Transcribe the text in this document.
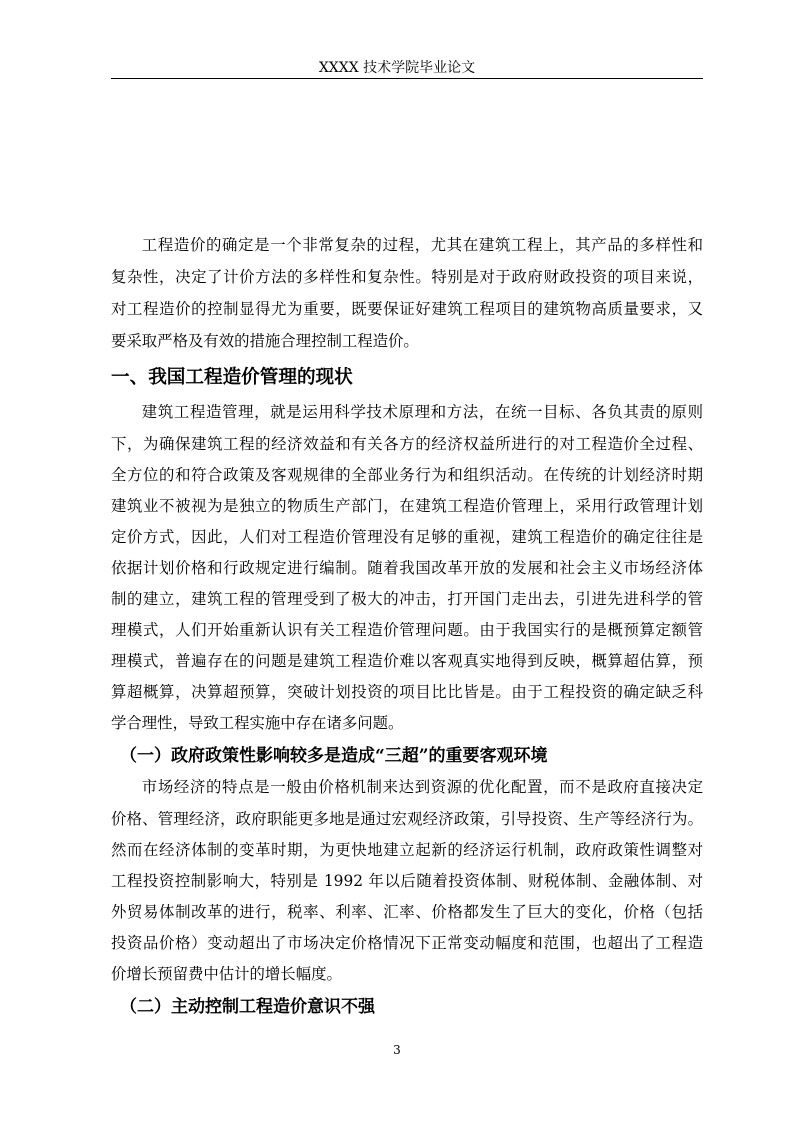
XXXX 技术学院毕业论文
工程造价的确定是一个非常复杂的过程，尤其在建筑工程上，其产品的多样性和
复杂性，决定了计价方法的多样性和复杂性。特别是对于政府财政投资的项目来说，
对工程造价的控制显得尤为重要，既要保证好建筑工程项目的建筑物高质量要求，又
要采取严格及有效的措施合理控制工程造价。
一、我国工程造价管理的现状
建筑工程造管理，就是运用科学技术原理和方法，在统一目标、各负其责的原则
下，为确保建筑工程的经济效益和有关各方的经济权益所进行的对工程造价全过程、
全方位的和符合政策及客观规律的全部业务行为和组织活动。在传统的计划经济时期
建筑业不被视为是独立的物质生产部门，在建筑工程造价管理上，采用行政管理计划
定价方式，因此，人们对工程造价管理没有足够的重视，建筑工程造价的确定往往是
依据计划价格和行政规定进行编制。随着我国改革开放的发展和社会主义市场经济体
制的建立，建筑工程的管理受到了极大的冲击，打开国门走出去，引进先进科学的管
理模式，人们开始重新认识有关工程造价管理问题。由于我国实行的是概预算定额管
理模式，普遍存在的问题是建筑工程造价难以客观真实地得到反映，概算超估算，预
算超概算，决算超预算，突破计划投资的项目比比皆是。由于工程投资的确定缺乏科
学合理性，导致工程实施中存在诸多问题。
（一）政府政策性影响较多是造成“三超”的重要客观环境
市场经济的特点是一般由价格机制来达到资源的优化配置，而不是政府直接决定
价格、管理经济，政府职能更多地是通过宏观经济政策，引导投资、生产等经济行为。
然而在经济体制的变革时期，为更快地建立起新的经济运行机制，政府政策性调整对
工程投资控制影响大，特别是 1992 年以后随着投资体制、财税体制、金融体制、对
外贸易体制改革的进行，税率、利率、汇率、价格都发生了巨大的变化，价格（包括
投资品价格）变动超出了市场决定价格情况下正常变动幅度和范围，也超出了工程造
价增长预留费中估计的增长幅度。
（二）主动控制工程造价意识不强
3
